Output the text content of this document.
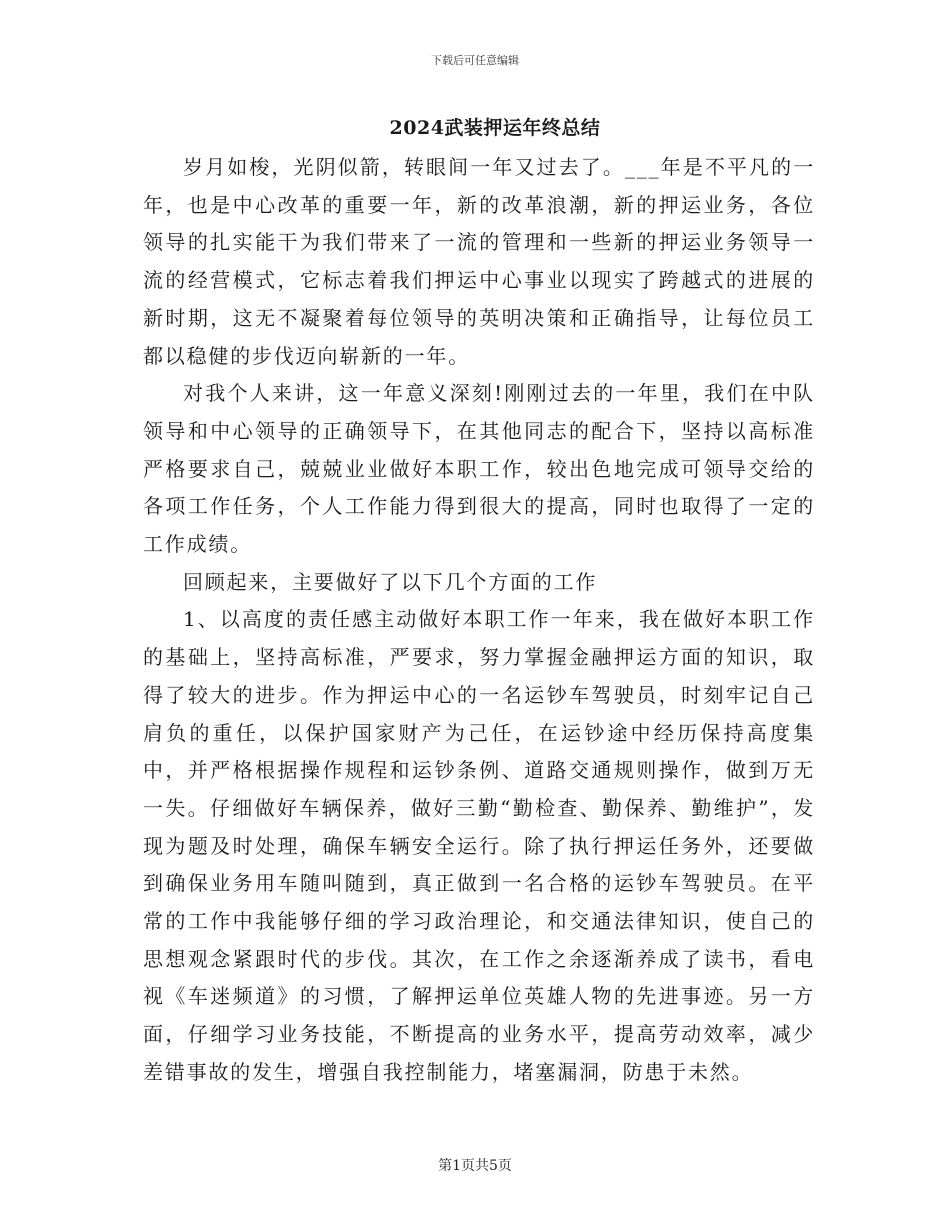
下载后可任意编辑
2024武装押运年终总结

岁月如梭，光阴似箭，转眼间一年又过去了。___年是不平凡的一年，也是中心改革的重要一年，新的改革浪潮，新的押运业务，各位领导的扎实能干为我们带来了一流的管理和一些新的押运业务领导一流的经营模式，它标志着我们押运中心事业以现实了跨越式的进展的新时期，这无不凝聚着每位领导的英明决策和正确指导，让每位员工都以稳健的步伐迈向崭新的一年。

对我个人来讲，这一年意义深刻!刚刚过去的一年里，我们在中队领导和中心领导的正确领导下，在其他同志的配合下，坚持以高标准严格要求自己，兢兢业业做好本职工作，较出色地完成可领导交给的各项工作任务，个人工作能力得到很大的提高，同时也取得了一定的工作成绩。

回顾起来，主要做好了以下几个方面的工作

1、以高度的责任感主动做好本职工作一年来，我在做好本职工作的基础上，坚持高标准，严要求，努力掌握金融押运方面的知识，取得了较大的进步。作为押运中心的一名运钞车驾驶员，时刻牢记自己肩负的重任，以保护国家财产为己任，在运钞途中经历保持高度集中，并严格根据操作规程和运钞条例、道路交通规则操作，做到万无一失。仔细做好车辆保养，做好三勤“勤检查、勤保养、勤维护”，发现为题及时处理，确保车辆安全运行。除了执行押运任务外，还要做到确保业务用车随叫随到，真正做到一名合格的运钞车驾驶员。在平常的工作中我能够仔细的学习政治理论，和交通法律知识，使自己的思想观念紧跟时代的步伐。其次，在工作之余逐渐养成了读书，看电视《车迷频道》的习惯，了解押运单位英雄人物的先进事迹。另一方面，仔细学习业务技能，不断提高的业务水平，提高劳动效率，减少差错事故的发生，增强自我控制能力，堵塞漏洞，防患于未然。

第1页共5页
